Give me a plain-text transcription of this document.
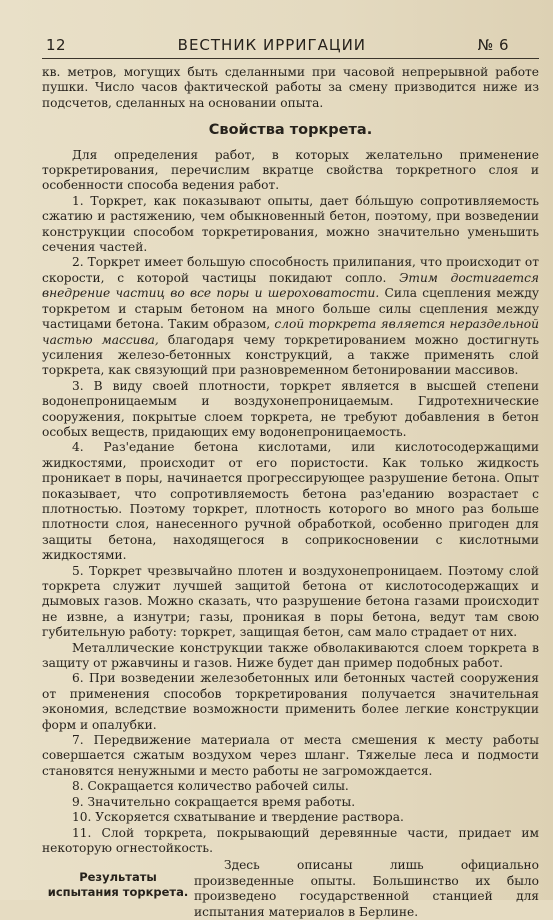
12	ВЕСТНИК ИРРИГАЦИИ	№ 6

кв. метров, могущих быть сделанными при часовой непрерывной работе пушки. Число часов фактической работы за смену призводится ниже из подсчетов, сделанных на основании опыта.

Свойства торкрета.

Для определения работ, в которых желательно применение торкретирования, перечислим вкратце свойства торкретного слоя и особенности способа ведения работ.

1. Торкрет, как показывают опыты, дает бо́льшую сопротивляемость сжатию и растяжению, чем обыкновенный бетон, поэтому, при возведении конструкции способом торкретирования, можно значительно уменьшить сечения частей.

2. Торкрет имеет большую способность прилипания, что происходит от скорости, с которой частицы покидают сопло. Этим достигается внедрение частиц во все поры и шероховатости. Сила сцепления между торкретом и старым бетоном на много больше силы сцепления между частицами бетона. Таким образом, слой торкрета является нераздельной частью массива, благодаря чему торкретированием можно достигнуть усиления железо-бетонных конструкций, а также применять слой торкрета, как связующий при разновременном бетонировании массивов.

3. В виду своей плотности, торкрет является в высшей степени водонепроницаемым и воздухонепроницаемым. Гидротехнические сооружения, покрытые слоем торкрета, не требуют добавления в бетон особых веществ, придающих ему водонепроницаемость.

4. Раз'едание бетона кислотами, или кислотосодержащими жидкостями, происходит от его пористости. Как только жидкость проникает в поры, начинается прогрессирующее разрушение бетона. Опыт показывает, что сопротивляемость бетона раз'еданию возрастает с плотностью. Поэтому торкрет, плотность которого во много раз больше плотности слоя, нанесенного ручной обработкой, особенно пригоден для защиты бетона, находящегося в соприкосновении с кислотными жидкостями.

5. Торкрет чрезвычайно плотен и воздухонепроницаем. Поэтому слой торкрета служит лучшей защитой бетона от кислотосодержащих и дымовых газов. Можно сказать, что разрушение бетона газами происходит не извне, а изнутри; газы, проникая в поры бетона, ведут там свою губительную работу: торкрет, защищая бетон, сам мало страдает от них.

Металлические конструкции также обволакиваются слоем торкрета в защиту от ржавчины и газов. Ниже будет дан пример подобных работ.

6. При возведении железобетонных или бетонных частей сооружения от применения способов торкретирования получается значительная экономия, вследствие возможности применить более легкие конструкции форм и опалубки.

7. Передвижение материала от места смешения к месту работы совершается сжатым воздухом через шланг. Тяжелые леса и подмости становятся ненужными и место работы не загромождается.

8. Сокращается количество рабочей силы.

9. Значительно сокращается время работы.

10. Ускоряется схватывание и твердение раствора.

11. Слой торкрета, покрывающий деревянные части, придает им некоторую огнестойкость.

Результаты испытания торкрета.

Здесь описаны лишь официально произведенные опыты. Большинство их было произведено государственной станцией для испытания материалов в Берлине.
